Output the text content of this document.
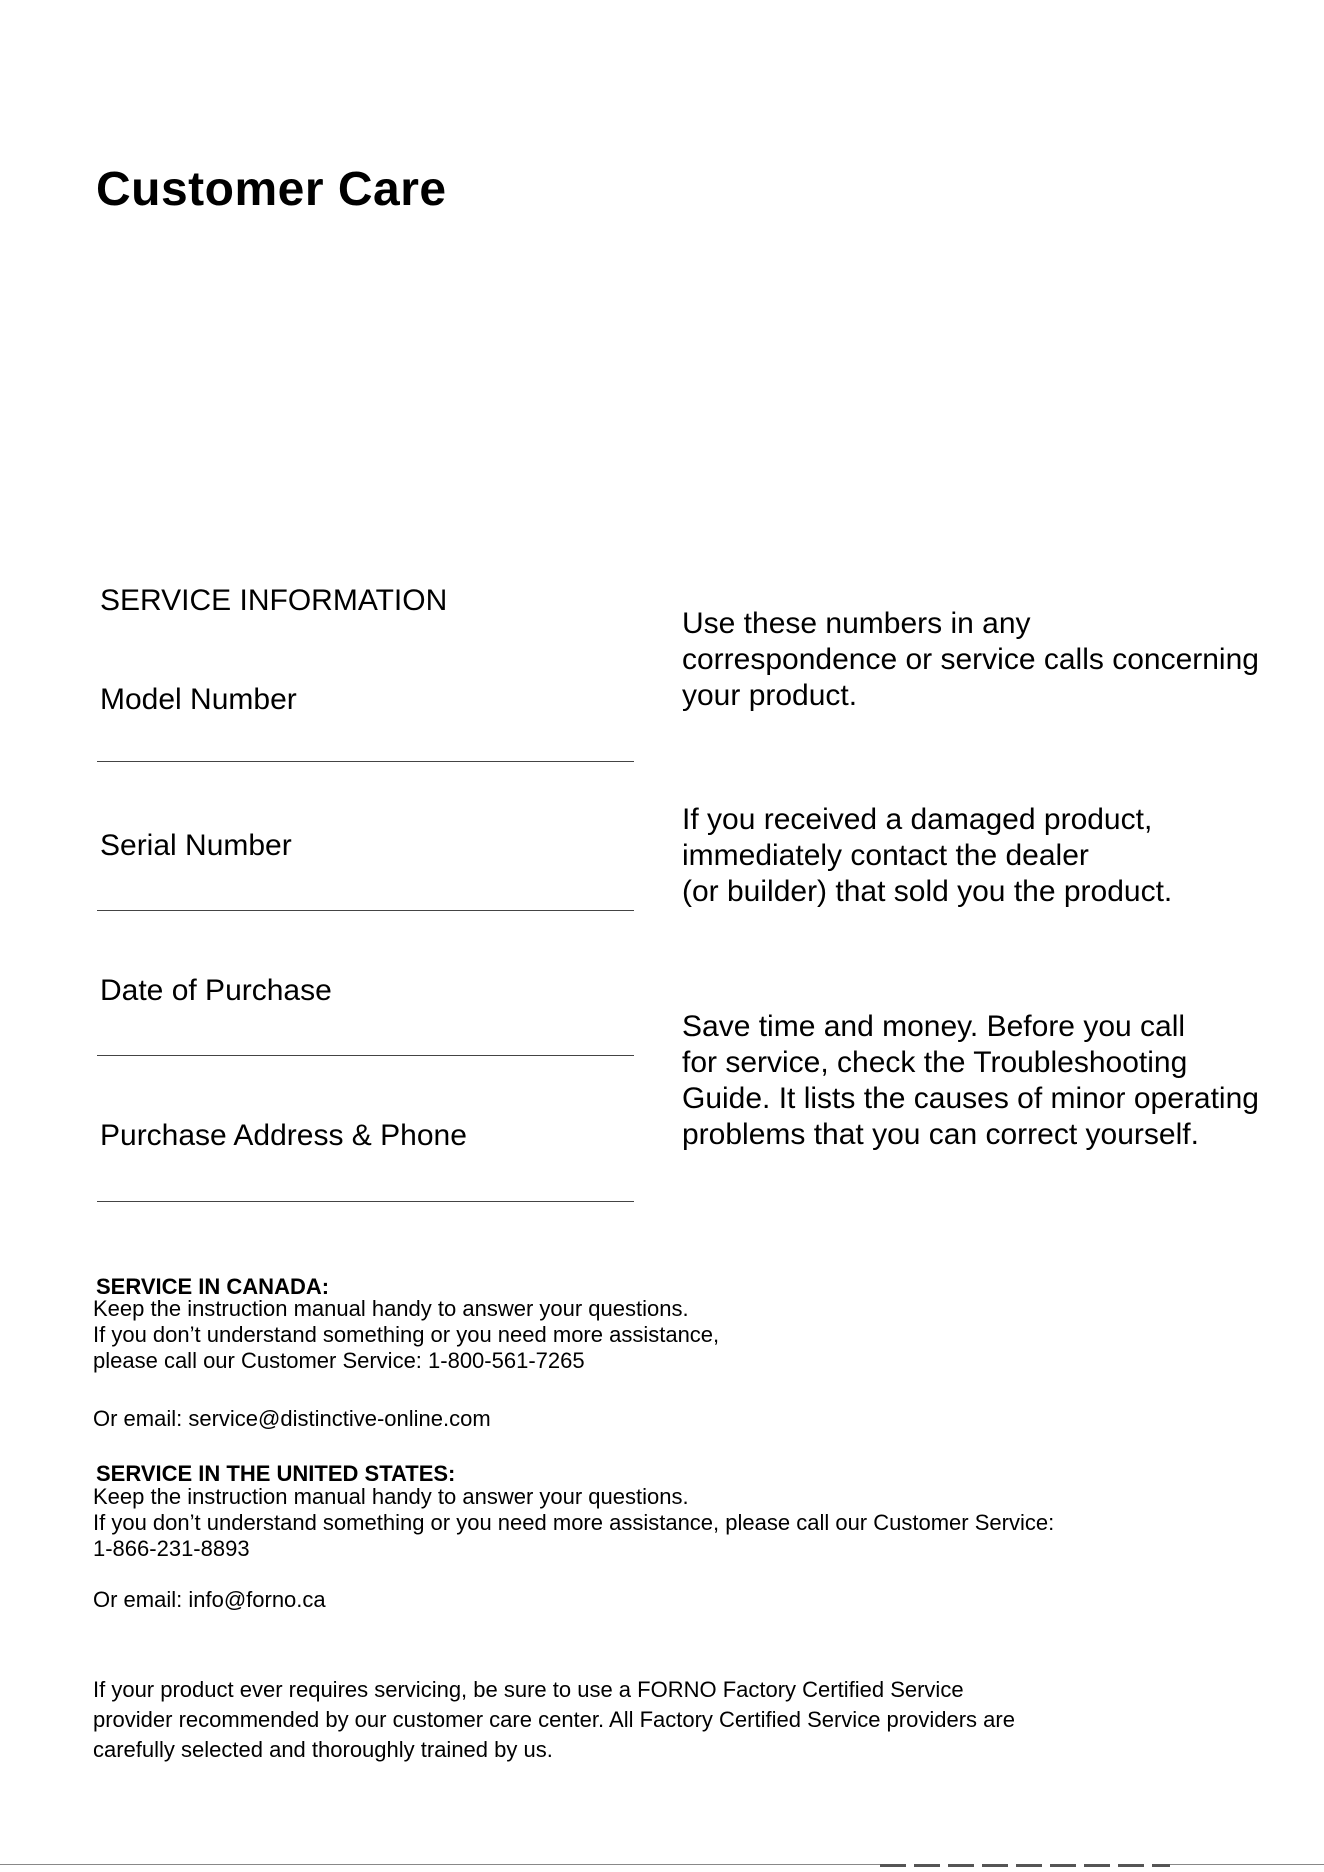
Customer Care
SERVICE INFORMATION
Model Number
Serial Number
Date of Purchase
Purchase Address & Phone
Use these numbers in any
correspondence or service calls concerning
your product.
If you received a damaged product,
immediately contact the dealer
(or builder) that sold you the product.
Save time and money. Before you call
for service, check the Troubleshooting
Guide. It lists the causes of minor operating
problems that you can correct yourself.
SERVICE IN CANADA:
Keep the instruction manual handy to answer your questions.
If you don’t understand something or you need more assistance,
please call our Customer Service: 1-800-561-7265
Or email: service@distinctive-online.com
SERVICE IN THE UNITED STATES:
Keep the instruction manual handy to answer your questions.
If you don’t understand something or you need more assistance, please call our Customer Service:
1-866-231-8893
Or email: info@forno.ca
If your product ever requires servicing, be sure to use a FORNO Factory Certified Service
provider recommended by our customer care center. All Factory Certified Service providers are
carefully selected and thoroughly trained by us.
